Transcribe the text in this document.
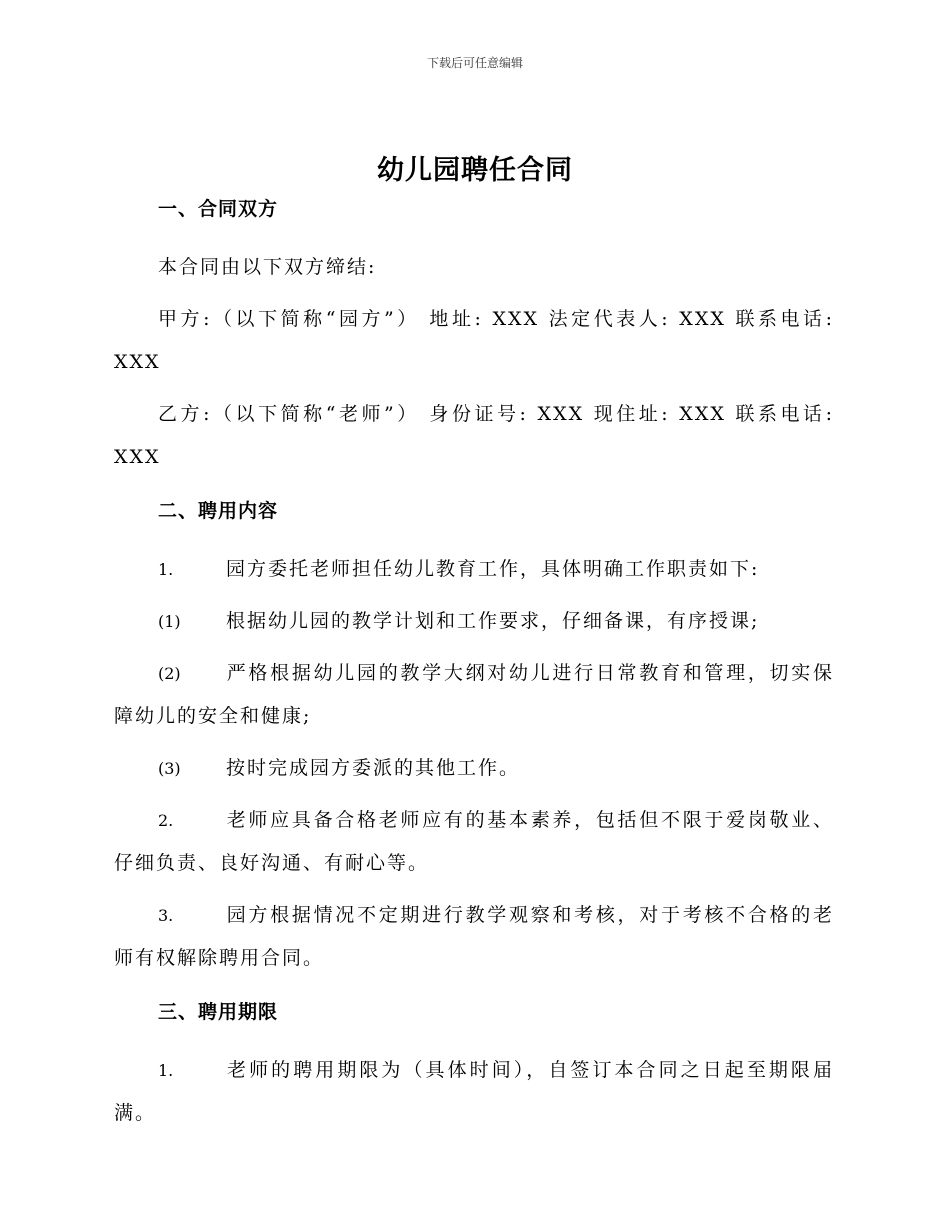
下载后可任意编辑
幼儿园聘任合同
一、合同双方

本合同由以下双方缔结:

甲方:（以下简称“园方”） 地址: XXX 法定代表人: XXX 联系电话: XXX

乙方:（以下简称“老师”） 身份证号: XXX 现住址: XXX 联系电话: XXX

二、聘用内容

1.	园方委托老师担任幼儿教育工作，具体明确工作职责如下:

(1) 根据幼儿园的教学计划和工作要求，仔细备课，有序授课;

(2) 严格根据幼儿园的教学大纲对幼儿进行日常教育和管理，切实保障幼儿的安全和健康;

(3) 按时完成园方委派的其他工作。

2.	老师应具备合格老师应有的基本素养，包括但不限于爱岗敬业、仔细负责、良好沟通、有耐心等。

3.	园方根据情况不定期进行教学观察和考核，对于考核不合格的老师有权解除聘用合同。

三、聘用期限

1.	老师的聘用期限为（具体时间），自签订本合同之日起至期限届满。
